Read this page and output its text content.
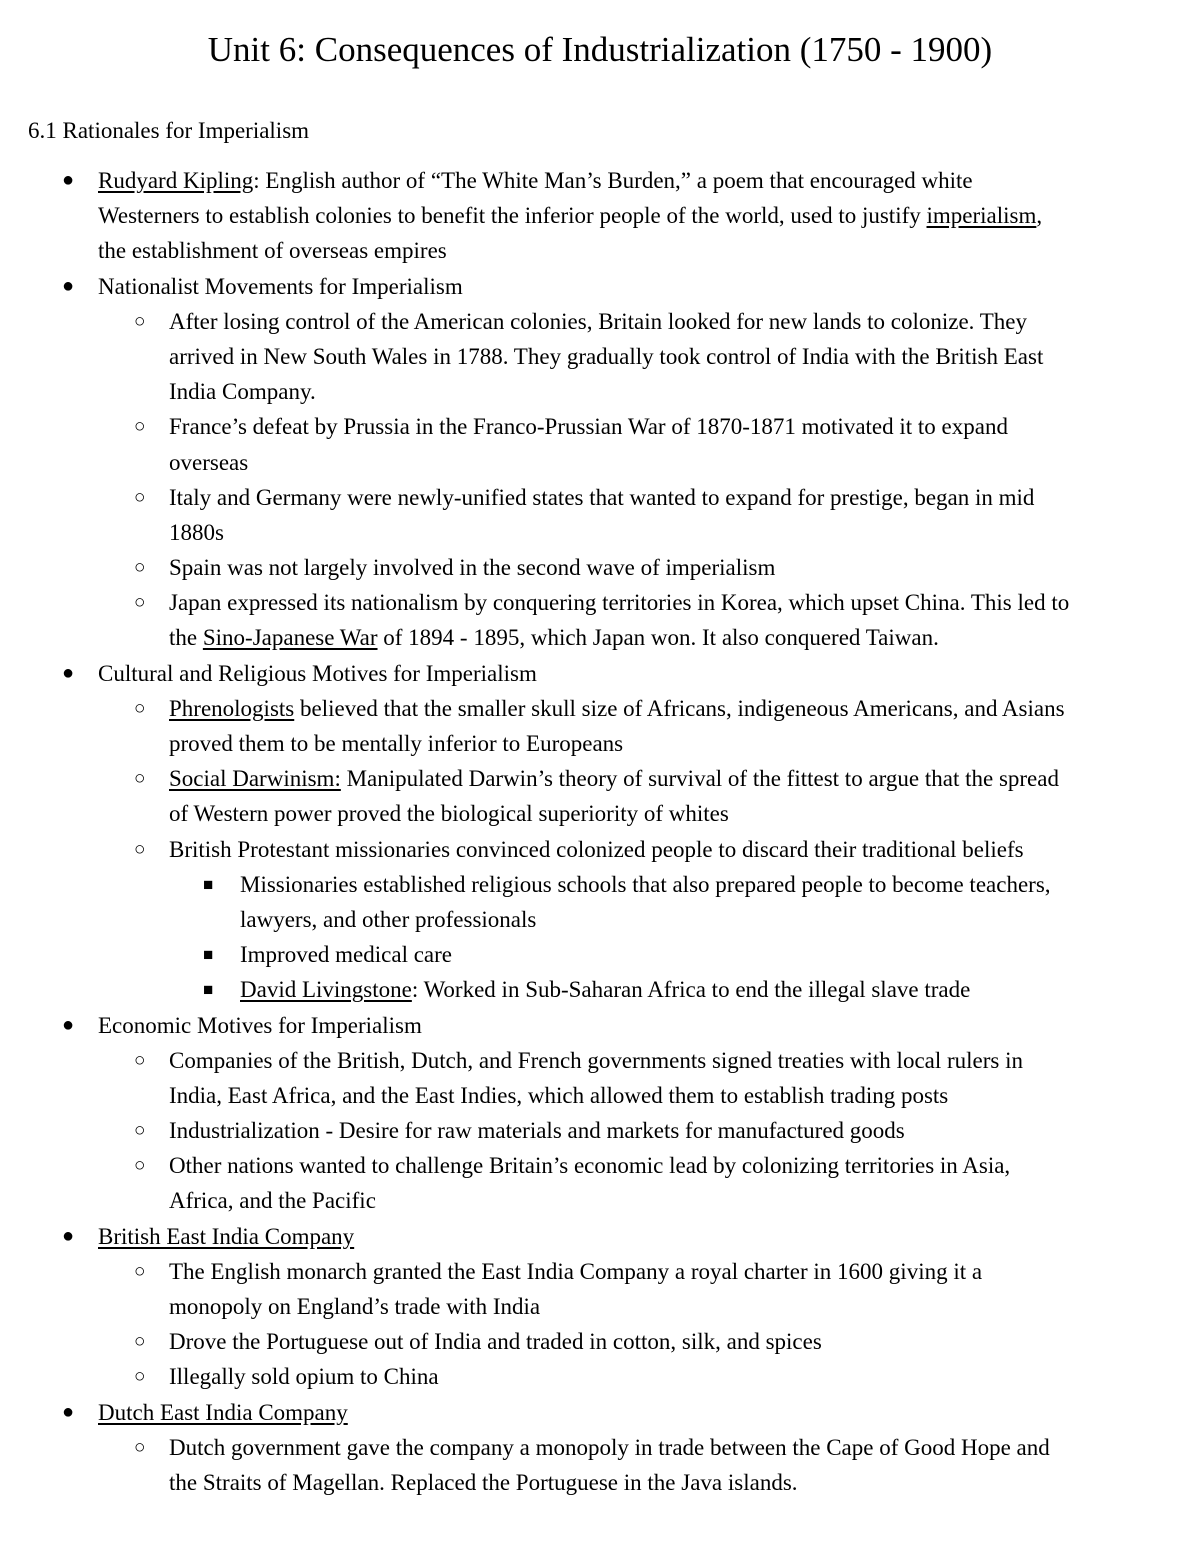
Unit 6: Consequences of Industrialization (1750 - 1900)
6.1 Rationales for Imperialism
● Rudyard Kipling: English author of “The White Man’s Burden,” a poem that encouraged white
Westerners to establish colonies to benefit the inferior people of the world, used to justify imperialism,
the establishment of overseas empires
● Nationalist Movements for Imperialism
○ After losing control of the American colonies, Britain looked for new lands to colonize. They
arrived in New South Wales in 1788. They gradually took control of India with the British East
India Company.
○ France’s defeat by Prussia in the Franco-Prussian War of 1870-1871 motivated it to expand
overseas
○ Italy and Germany were newly-unified states that wanted to expand for prestige, began in mid
1880s
○ Spain was not largely involved in the second wave of imperialism
○ Japan expressed its nationalism by conquering territories in Korea, which upset China. This led to
the Sino-Japanese War of 1894 - 1895, which Japan won. It also conquered Taiwan.
● Cultural and Religious Motives for Imperialism
○ Phrenologists believed that the smaller skull size of Africans, indigeneous Americans, and Asians
proved them to be mentally inferior to Europeans
○ Social Darwinism: Manipulated Darwin’s theory of survival of the fittest to argue that the spread
of Western power proved the biological superiority of whites
○ British Protestant missionaries convinced colonized people to discard their traditional beliefs
■ Missionaries established religious schools that also prepared people to become teachers,
lawyers, and other professionals
■ Improved medical care
■ David Livingstone: Worked in Sub-Saharan Africa to end the illegal slave trade
● Economic Motives for Imperialism
○ Companies of the British, Dutch, and French governments signed treaties with local rulers in
India, East Africa, and the East Indies, which allowed them to establish trading posts
○ Industrialization - Desire for raw materials and markets for manufactured goods
○ Other nations wanted to challenge Britain’s economic lead by colonizing territories in Asia,
Africa, and the Pacific
● British East India Company
○ The English monarch granted the East India Company a royal charter in 1600 giving it a
monopoly on England’s trade with India
○ Drove the Portuguese out of India and traded in cotton, silk, and spices
○ Illegally sold opium to China
● Dutch East India Company
○ Dutch government gave the company a monopoly in trade between the Cape of Good Hope and
the Straits of Magellan. Replaced the Portuguese in the Java islands.
